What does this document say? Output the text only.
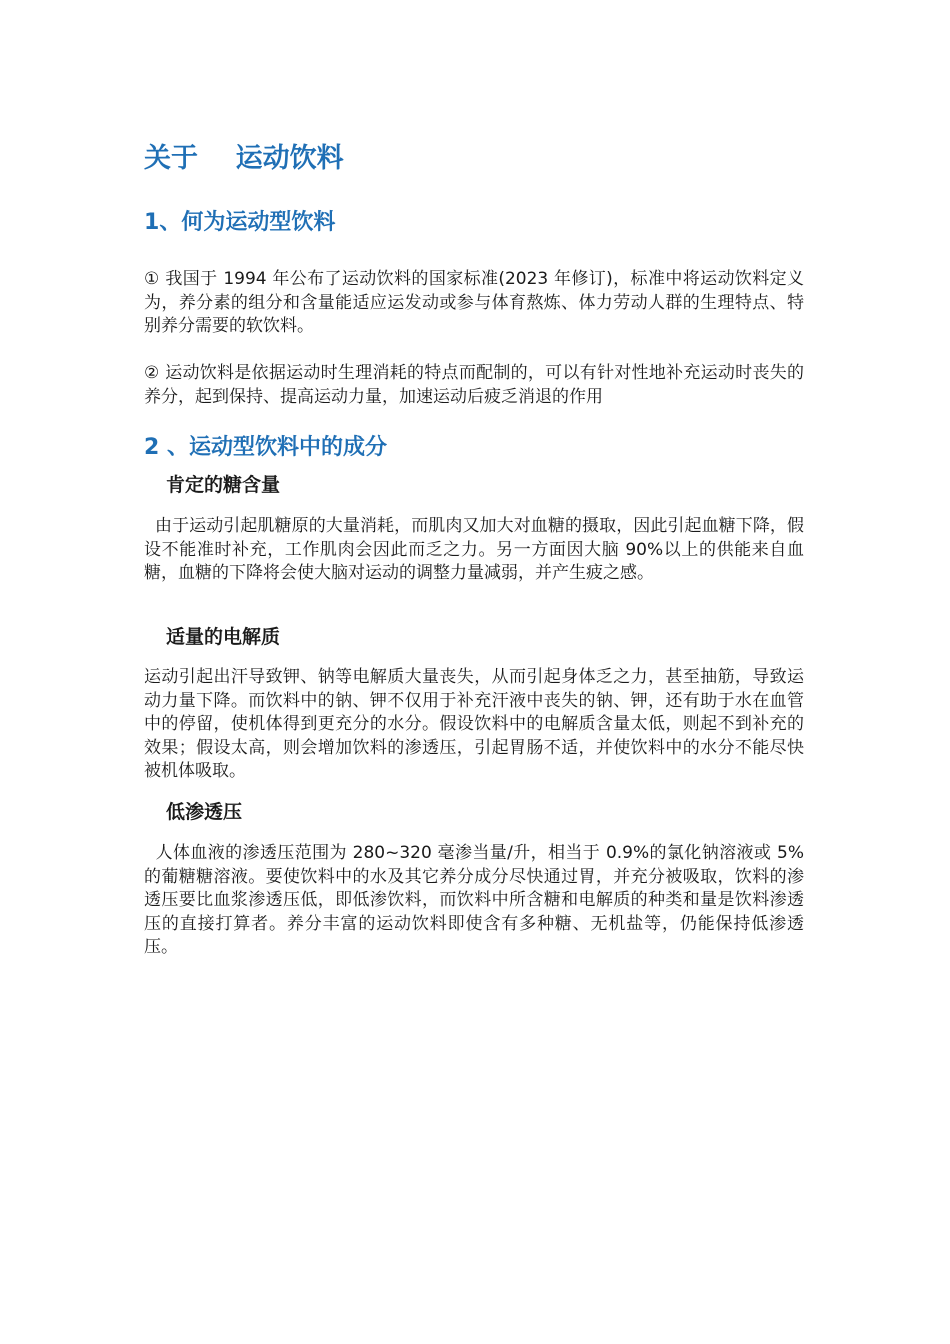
关于    运动饮料
1、何为运动型饮料

① 我国于 1994 年公布了运动饮料的国家标准(2023 年修订)，标准中将运动饮料定义为，养分素的组分和含量能适应运发动或参与体育熬炼、体力劳动人群的生理特点、特别养分需要的软饮料。

② 运动饮料是依据运动时生理消耗的特点而配制的，可以有针对性地补充运动时丧失的养分，起到保持、提高运动力量，加速运动后疲乏消退的作用

2 、运动型饮料中的成分
肯定的糖含量

由于运动引起肌糖原的大量消耗，而肌肉又加大对血糖的摄取，因此引起血糖下降，假设不能准时补充，工作肌肉会因此而乏之力。另一方面因大脑 90%以上的供能来自血糖，血糖的下降将会使大脑对运动的调整力量减弱，并产生疲之感。

适量的电解质

运动引起出汗导致钾、钠等电解质大量丧失，从而引起身体乏之力，甚至抽筋，导致运动力量下降。而饮料中的钠、钾不仅用于补充汗液中丧失的钠、钾，还有助于水在血管中的停留，使机体得到更充分的水分。假设饮料中的电解质含量太低，则起不到补充的效果；假设太高，则会增加饮料的渗透压，引起胃肠不适，并使饮料中的水分不能尽快被机体吸取。

低渗透压

人体血液的渗透压范围为 280~320 毫渗当量/升，相当于 0.9%的氯化钠溶液或 5%的葡糖糖溶液。要使饮料中的水及其它养分成分尽快通过胃，并充分被吸取，饮料的渗透压要比血浆渗透压低，即低渗饮料，而饮料中所含糖和电解质的种类和量是饮料渗透压的直接打算者。养分丰富的运动饮料即使含有多种糖、无机盐等，仍能保持低渗透压。
